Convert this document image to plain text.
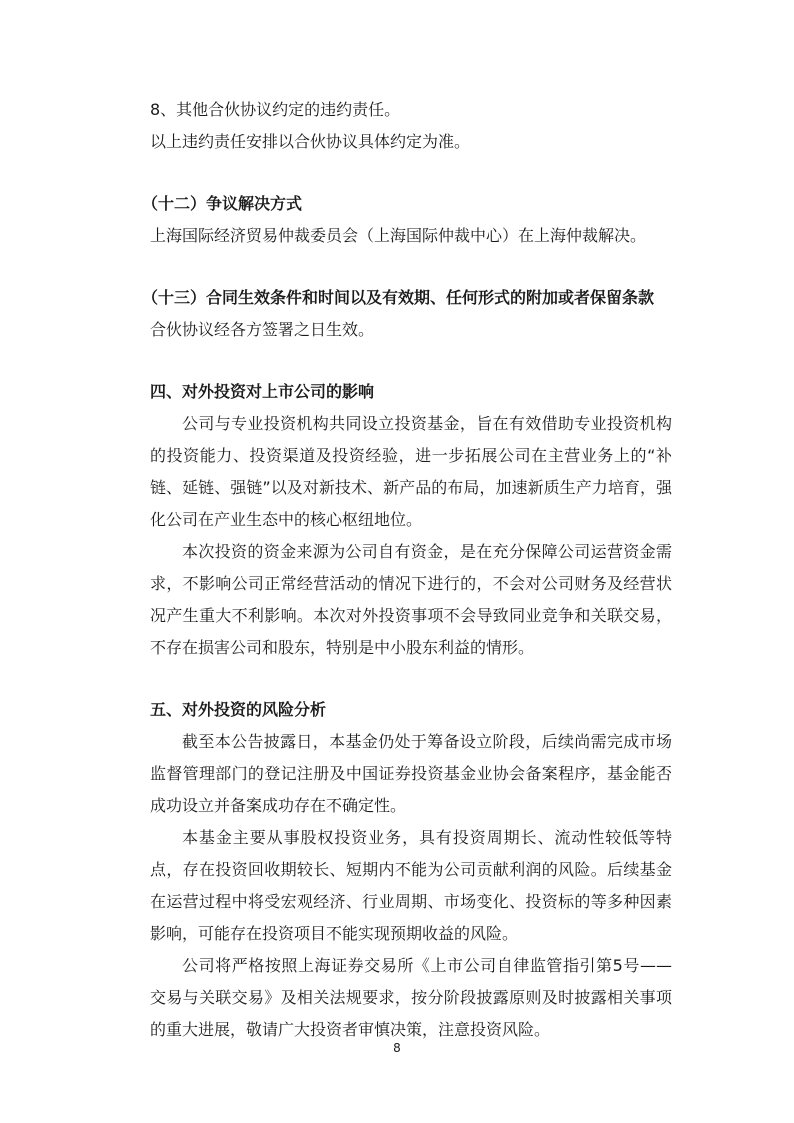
8、其他合伙协议约定的违约责任。

以上违约责任安排以合伙协议具体约定为准。

（十二）争议解决方式

上海国际经济贸易仲裁委员会（上海国际仲裁中心）在上海仲裁解决。

（十三）合同生效条件和时间以及有效期、任何形式的附加或者保留条款

合伙协议经各方签署之日生效。

四、对外投资对上市公司的影响

公司与专业投资机构共同设立投资基金，旨在有效借助专业投资机构的投资能力、投资渠道及投资经验，进一步拓展公司在主营业务上的“补链、延链、强链”以及对新技术、新产品的布局，加速新质生产力培育，强化公司在产业生态中的核心枢纽地位。

本次投资的资金来源为公司自有资金，是在充分保障公司运营资金需求，不影响公司正常经营活动的情况下进行的，不会对公司财务及经营状况产生重大不利影响。本次对外投资事项不会导致同业竞争和关联交易，不存在损害公司和股东，特别是中小股东利益的情形。

五、对外投资的风险分析

截至本公告披露日，本基金仍处于筹备设立阶段，后续尚需完成市场监督管理部门的登记注册及中国证券投资基金业协会备案程序，基金能否成功设立并备案成功存在不确定性。

本基金主要从事股权投资业务，具有投资周期长、流动性较低等特点，存在投资回收期较长、短期内不能为公司贡献利润的风险。后续基金在运营过程中将受宏观经济、行业周期、市场变化、投资标的等多种因素影响，可能存在投资项目不能实现预期收益的风险。

公司将严格按照上海证券交易所《上市公司自律监管指引第5号——交易与关联交易》及相关法规要求，按分阶段披露原则及时披露相关事项的重大进展，敬请广大投资者审慎决策，注意投资风险。

8
